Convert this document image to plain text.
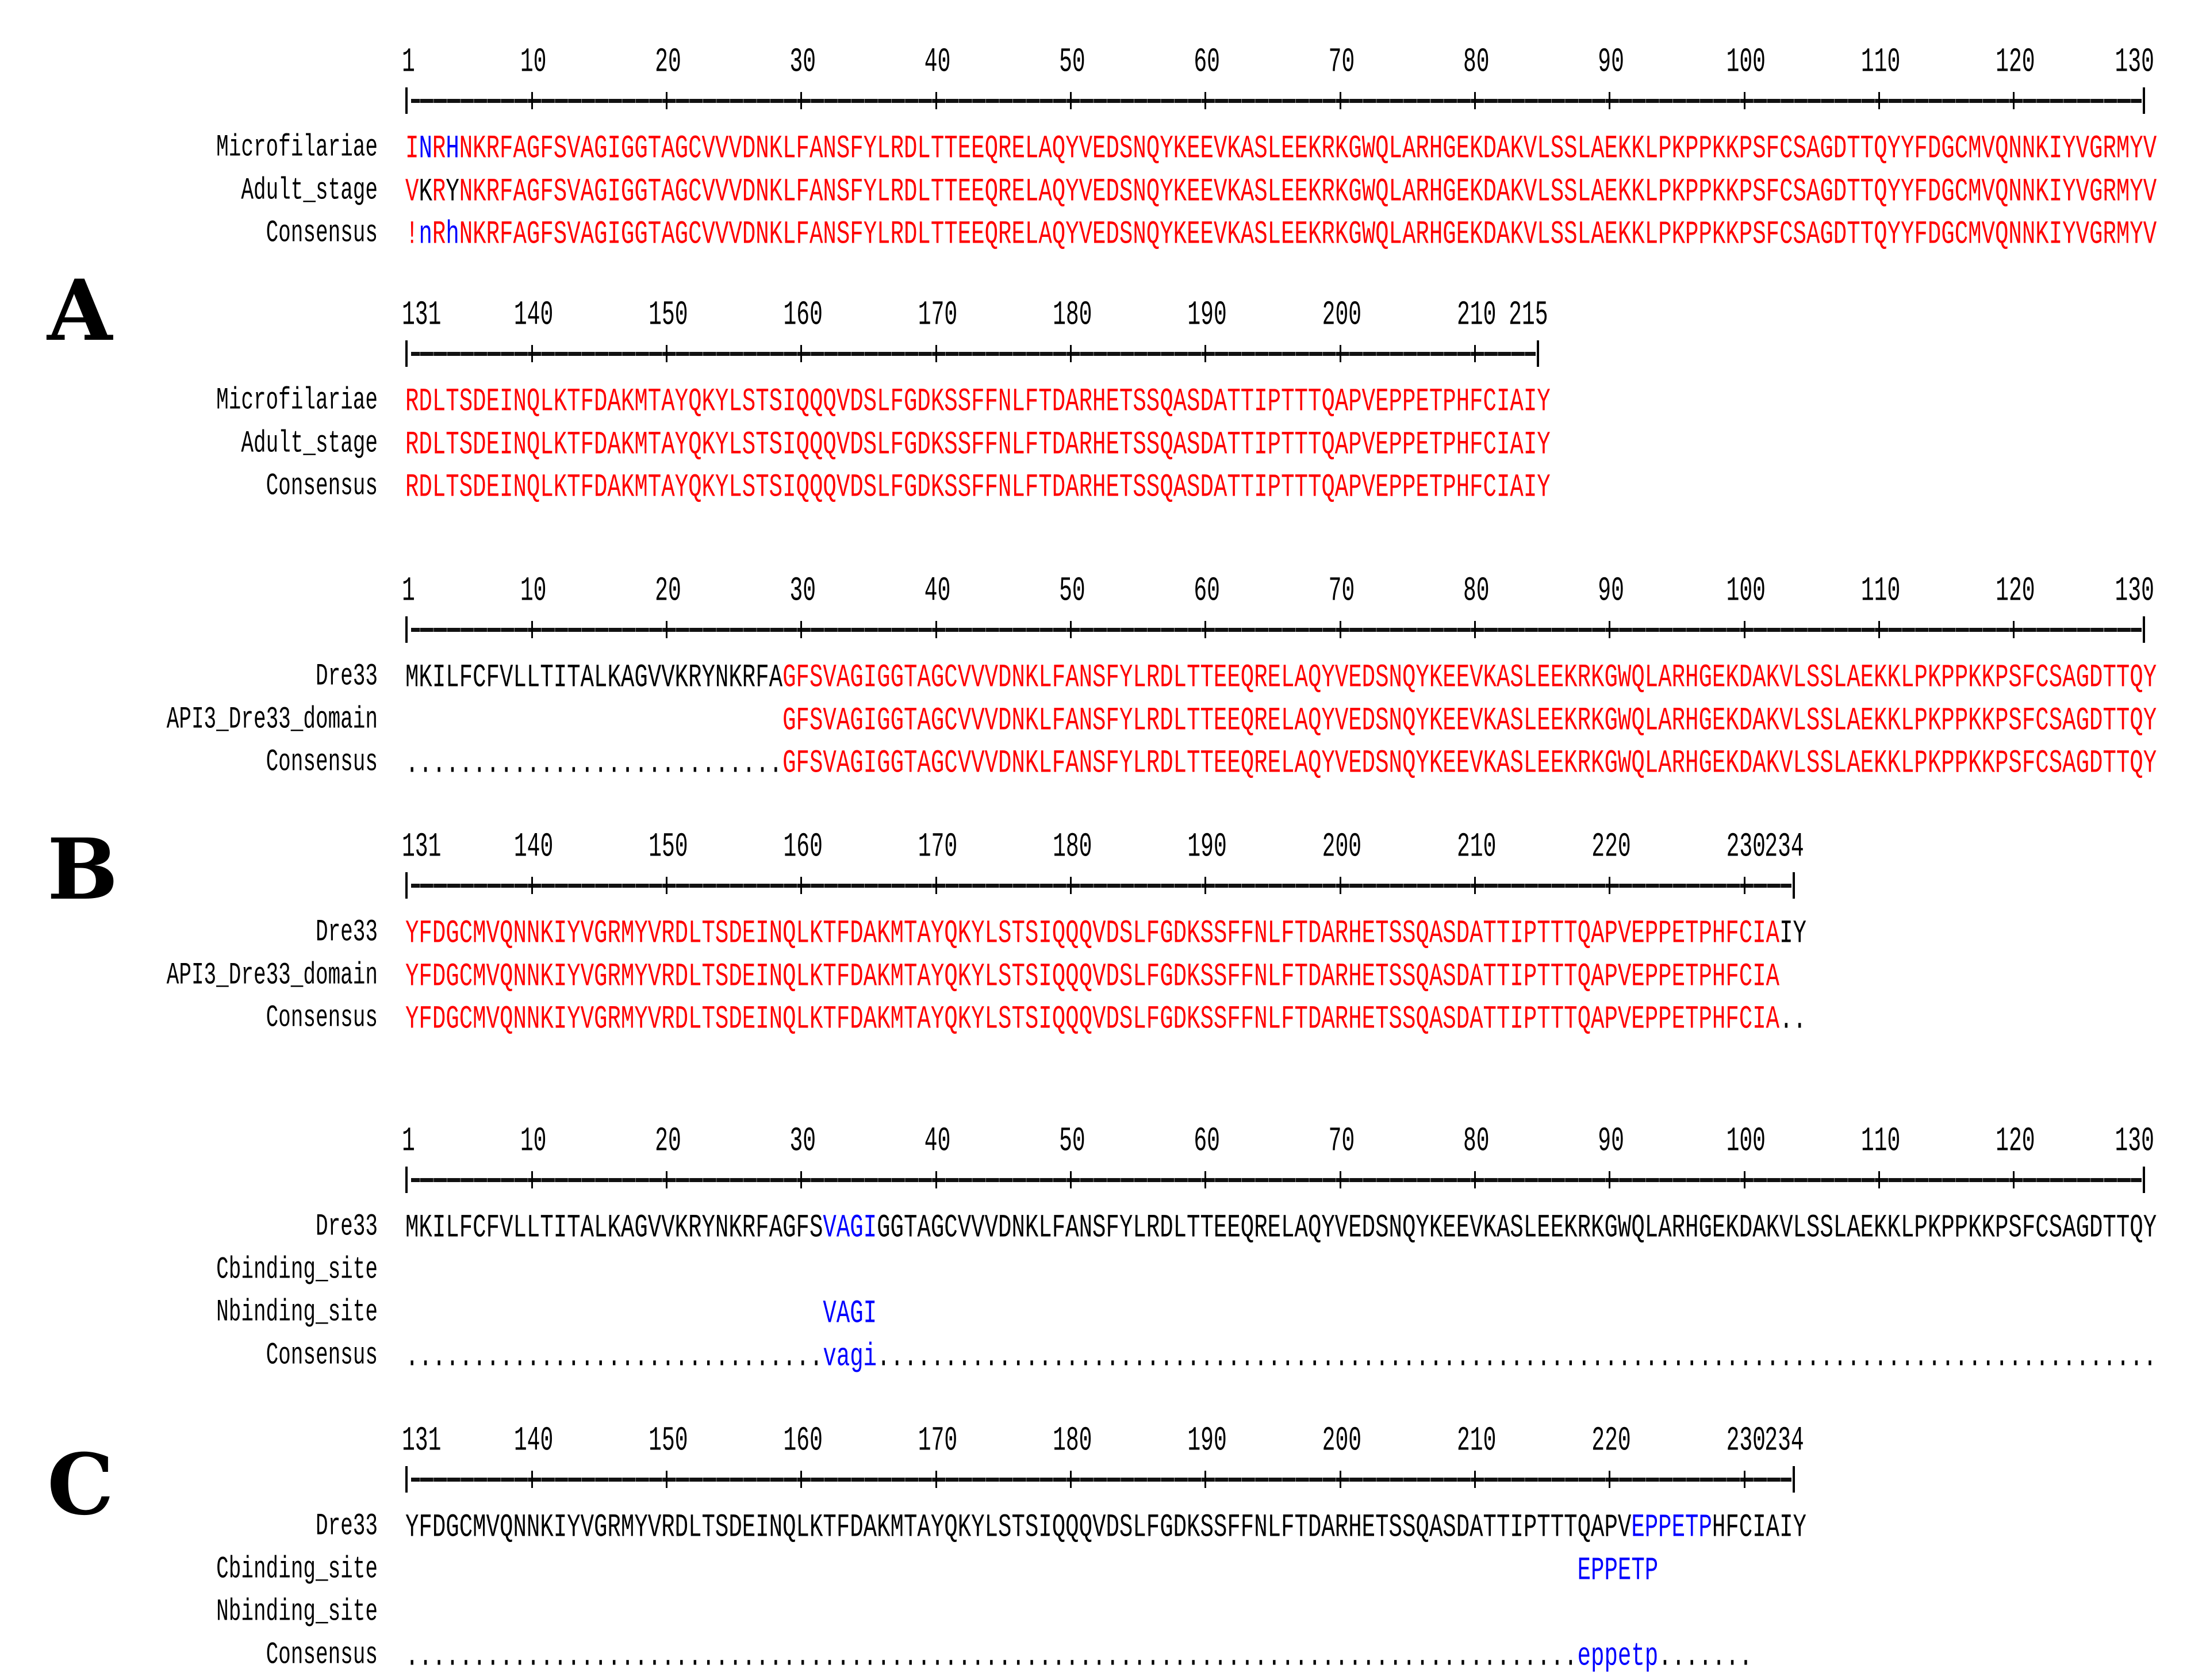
A
1	10	20	30	40	50	60	70	80	90	100	110	120	130
Microfilariae INRHNKRFAGFSVAGIGGTAGCVVVDNKLFANSFYLRDLTTEEQRELAQYVEDSNQYKEEVKASLEEKRKGWQLARHGEKDAKVLSSLAEKKLPKPPKKPSFCSAGDTTQYYFDGCMVQNNKIYVGRMYV
Adult_stage VKRYNKRFAGFSVAGIGGTAGCVVVDNKLFANSFYLRDLTTEEQRELAQYVEDSNQYKEEVKASLEEKRKGWQLARHGEKDAKVLSSLAEKKLPKPPKKPSFCSAGDTTQYYFDGCMVQNNKIYVGRMYV
Consensus !nRhNKRFAGFSVAGIGGTAGCVVVDNKLFANSFYLRDLTTEEQRELAQYVEDSNQYKEEVKASLEEKRKGWQLARHGEKDAKVLSSLAEKKLPKPPKKPSFCSAGDTTQYYFDGCMVQNNKIYVGRMYV
131	140	150	160	170	180	190	200	210 215
Microfilariae RDLTSDEINQLKTFDAKMTAYQKYLSTSIQQQVDSLFGDKSSFFNLFTDARHETSSQASDATTIPTTTQAPVEPPETPHFCIAIY
Adult_stage RDLTSDEINQLKTFDAKMTAYQKYLSTSIQQQVDSLFGDKSSFFNLFTDARHETSSQASDATTIPTTTQAPVEPPETPHFCIAIY
Consensus RDLTSDEINQLKTFDAKMTAYQKYLSTSIQQQVDSLFGDKSSFFNLFTDARHETSSQASDATTIPTTTQAPVEPPETPHFCIAIY
B
1	10	20	30	40	50	60	70	80	90	100	110	120	130
Dre33 MKILFCFVLLTITALKAGVVKRYNKRFAGFSVAGIGGTAGCVVVDNKLFANSFYLRDLTTEEQRELAQYVEDSNQYKEEVKASLEEKRKGWQLARHGEKDAKVLSSLAEKKLPKPPKKPSFCSAGDTTQY
API3_Dre33_domain	GFSVAGIGGTAGCVVVDNKLFANSFYLRDLTTEEQRELAQYVEDSNQYKEEVKASLEEKRKGWQLARHGEKDAKVLSSLAEKKLPKPPKKPSFCSAGDTTQY
Consensus ............................GFSVAGIGGTAGCVVVDNKLFANSFYLRDLTTEEQRELAQYVEDSNQYKEEVKASLEEKRKGWQLARHGEKDAKVLSSLAEKKLPKPPKKPSFCSAGDTTQY
131	140	150	160	170	180	190	200	210	220	230
234
Dre33 YFDGCMVQNNKIYVGRMYVRDLTSDEINQLKTFDAKMTAYQKYLSTSIQQQVDSLFGDKSSFFNLFTDARHETSSQASDATTIPTTTQAPVEPPETPHFCIAIY
API3_Dre33_domain YFDGCMVQNNKIYVGRMYVRDLTSDEINQLKTFDAKMTAYQKYLSTSIQQQVDSLFGDKSSFFNLFTDARHETSSQASDATTIPTTTQAPVEPPETPHFCIA
Consensus YFDGCMVQNNKIYVGRMYVRDLTSDEINQLKTFDAKMTAYQKYLSTSIQQQVDSLFGDKSSFFNLFTDARHETSSQASDATTIPTTTQAPVEPPETPHFCIA..
C
1	10	20	30	40	50	60	70	80	90	100	110	120	130
Dre33 MKILFCFVLLTITALKAGVVKRYNKRFAGFSVAGIGGTAGCVVVDNKLFANSFYLRDLTTEEQRELAQYVEDSNQYKEEVKASLEEKRKGWQLARHGEKDAKVLSSLAEKKLPKPPKKPSFCSAGDTTQY
Cbinding_site
Nbinding_site	VAGI
Consensus ...............................vagi...............................................................................................
131	140	150	160	170	180	190	200	210	220	230
234
Dre33 YFDGCMVQNNKIYVGRMYVRDLTSDEINQLKTFDAKMTAYQKYLSTSIQQQVDSLFGDKSSFFNLFTDARHETSSQASDATTIPTTTQAPVEPPETPHFCIAIY
Cbinding_site	EPPETP
Nbinding_site
Consensus .......................................................................................eppetp.......
